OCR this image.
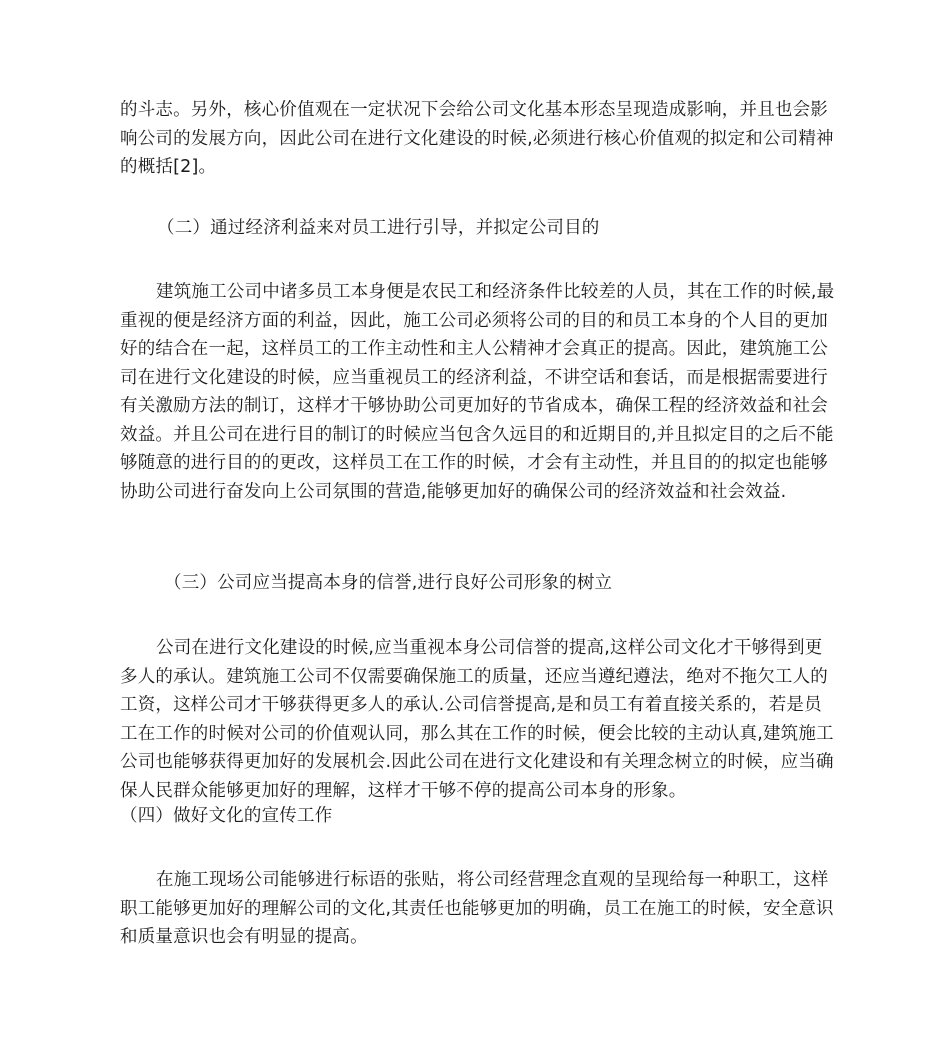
的斗志。另外，核心价值观在一定状况下会给公司文化基本形态呈现造成影响，并且也会影响公司的发展方向，因此公司在进行文化建设的时候,必须进行核心价值观的拟定和公司精神的概括[2]。

（二）通过经济利益来对员工进行引导，并拟定公司目的

建筑施工公司中诸多员工本身便是农民工和经济条件比较差的人员，其在工作的时候,最重视的便是经济方面的利益，因此，施工公司必须将公司的目的和员工本身的个人目的更加好的结合在一起，这样员工的工作主动性和主人公精神才会真正的提高。因此，建筑施工公司在进行文化建设的时候，应当重视员工的经济利益，不讲空话和套话，而是根据需要进行有关激励方法的制订，这样才干够协助公司更加好的节省成本，确保工程的经济效益和社会效益。并且公司在进行目的制订的时候应当包含久远目的和近期目的,并且拟定目的之后不能够随意的进行目的的更改，这样员工在工作的时候，才会有主动性，并且目的的拟定也能够协助公司进行奋发向上公司氛围的营造,能够更加好的确保公司的经济效益和社会效益.

（三）公司应当提高本身的信誉,进行良好公司形象的树立

公司在进行文化建设的时候,应当重视本身公司信誉的提高,这样公司文化才干够得到更多人的承认。建筑施工公司不仅需要确保施工的质量，还应当遵纪遵法，绝对不拖欠工人的工资，这样公司才干够获得更多人的承认.公司信誉提高,是和员工有着直接关系的，若是员工在工作的时候对公司的价值观认同，那么其在工作的时候，便会比较的主动认真,建筑施工公司也能够获得更加好的发展机会.因此公司在进行文化建设和有关理念树立的时候，应当确保人民群众能够更加好的理解，这样才干够不停的提高公司本身的形象。

（四）做好文化的宣传工作

在施工现场公司能够进行标语的张贴，将公司经营理念直观的呈现给每一种职工，这样职工能够更加好的理解公司的文化,其责任也能够更加的明确，员工在施工的时候，安全意识和质量意识也会有明显的提高。
